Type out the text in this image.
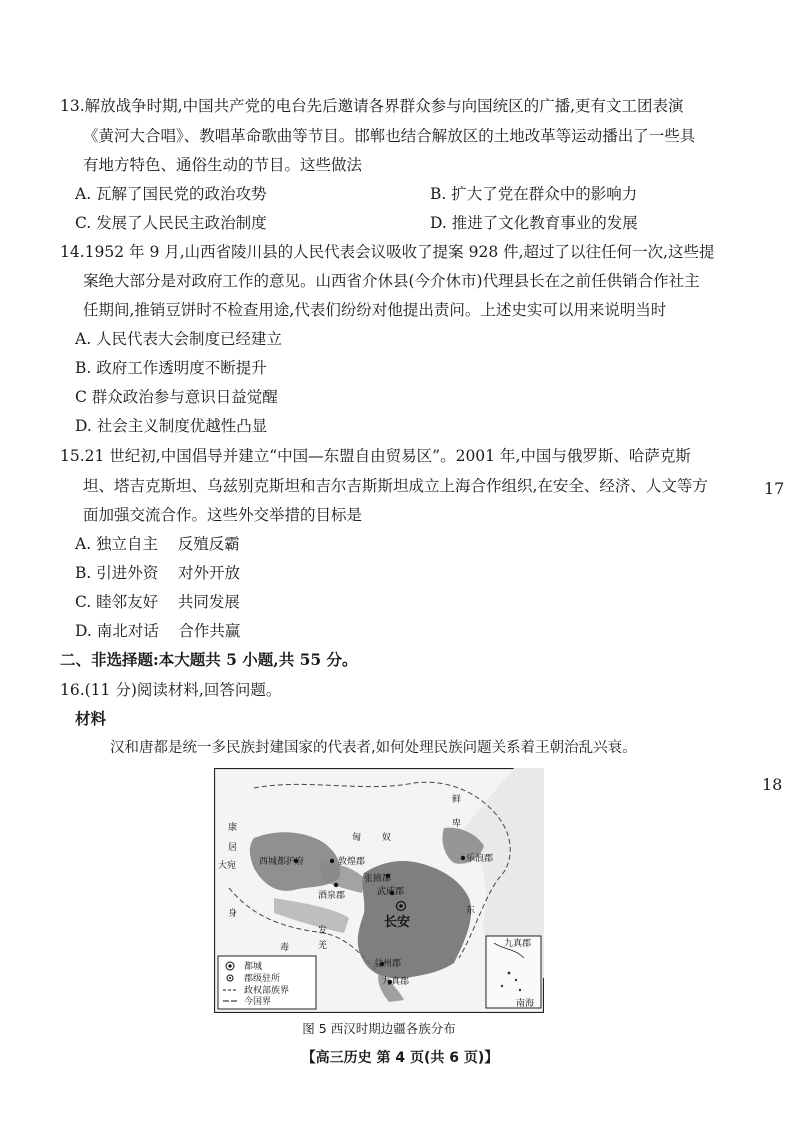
13.解放战争时期,中国共产党的电台先后邀请各界群众参与向国统区的广播,更有文工团表演
《黄河大合唱》、教唱革命歌曲等节目。邯郸也结合解放区的土地改革等运动播出了一些具
有地方特色、通俗生动的节目。这些做法
A. 瓦解了国民党的政治攻势	B. 扩大了党在群众中的影响力
C. 发展了人民民主政治制度	D. 推进了文化教育事业的发展
14.1952 年 9 月,山西省陵川县的人民代表会议吸收了提案 928 件,超过了以往任何一次,这些提
案绝大部分是对政府工作的意见。山西省介休县(今介休市)代理县长在之前任供销合作社主
任期间,推销豆饼时不检查用途,代表们纷纷对他提出责问。上述史实可以用来说明当时
A. 人民代表大会制度已经建立
B. 政府工作透明度不断提升
C 群众政治参与意识日益觉醒
D. 社会主义制度优越性凸显
15.21 世纪初,中国倡导并建立“中国—东盟自由贸易区”。2001 年,中国与俄罗斯、哈萨克斯
坦、塔吉克斯坦、乌兹别克斯坦和吉尔吉斯斯坦成立上海合作组织,在安全、经济、人文等方
面加强交流合作。这些外交举措的目标是
A. 独立自主    反殖反霸
B. 引进外资    对外开放
C. 睦邻友好    共同发展
D. 南北对话    合作共赢
二、非选择题:本大题共 5 小题,共 55 分。
16.(11 分)阅读材料,回答问题。
材料
汉和唐都是统一多民族封建国家的代表者,如何处理民族问题关系着王朝治乱兴衰。
都城
郡级驻所
政权部族界
今国界
康
居
匈 奴
鲜
卑
大宛	西城都护府	敦煌郡
酒泉郡
张掖郡
武威郡
乐浪郡
长安
身
毒
发
羌
益州郡
九真郡
东
九真郡
南海
图 5 西汉时期边疆各族分布
17
18
【高三历史 第 4 页(共 6 页)】
